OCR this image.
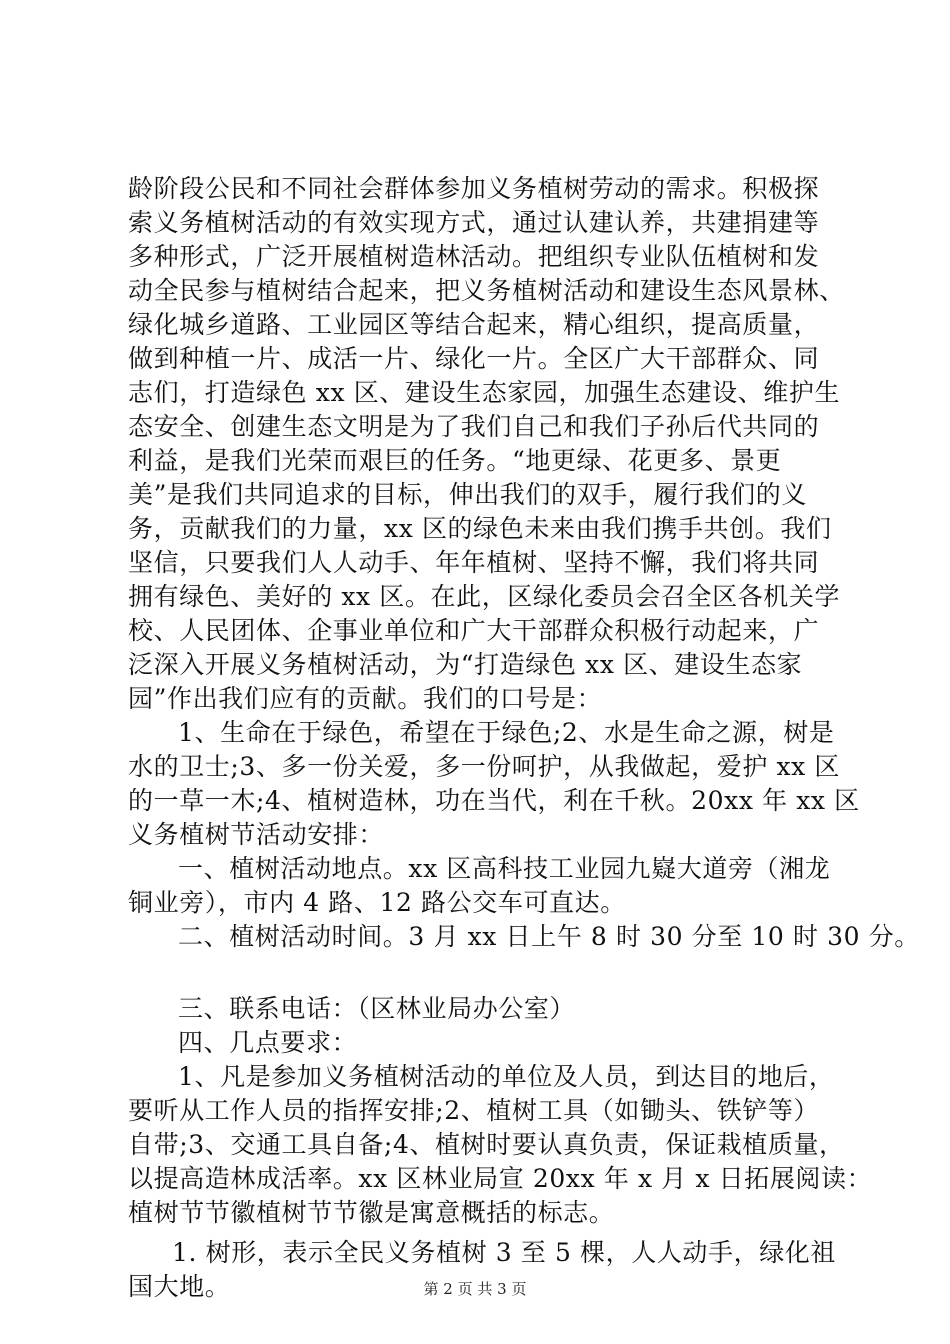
龄阶段公民和不同社会群体参加义务植树劳动的需求。积极探
索义务植树活动的有效实现方式，通过认建认养，共建捐建等
多种形式，广泛开展植树造林活动。把组织专业队伍植树和发
动全民参与植树结合起来，把义务植树活动和建设生态风景林、
绿化城乡道路、工业园区等结合起来，精心组织，提高质量，
做到种植一片、成活一片、绿化一片。全区广大干部群众、同
志们，打造绿色 xx 区、建设生态家园，加强生态建设、维护生
态安全、创建生态文明是为了我们自己和我们子孙后代共同的
利益，是我们光荣而艰巨的任务。“地更绿、花更多、景更
美”是我们共同追求的目标，伸出我们的双手，履行我们的义
务，贡献我们的力量，xx 区的绿色未来由我们携手共创。我们
坚信，只要我们人人动手、年年植树、坚持不懈，我们将共同
拥有绿色、美好的 xx 区。在此，区绿化委员会召全区各机关学
校、人民团体、企事业单位和广大干部群众积极行动起来，广
泛深入开展义务植树活动，为“打造绿色 xx 区、建设生态家
园”作出我们应有的贡献。我们的口号是：
1、生命在于绿色，希望在于绿色;2、水是生命之源，树是
水的卫士;3、多一份关爱，多一份呵护，从我做起，爱护 xx 区
的一草一木;4、植树造林，功在当代，利在千秋。20xx 年 xx 区
义务植树节活动安排：
一、植树活动地点。xx 区高科技工业园九嶷大道旁（湘龙
铜业旁），市内 4 路、12 路公交车可直达。
二、植树活动时间。3 月 xx 日上午 8 时 30 分至 10 时 30 分。
三、联系电话：（区林业局办公室）
四、几点要求：
1、凡是参加义务植树活动的单位及人员，到达目的地后，
要听从工作人员的指挥安排;2、植树工具（如锄头、铁铲等）
自带;3、交通工具自备;4、植树时要认真负责，保证栽植质量，
以提高造林成活率。xx 区林业局宣 20xx 年 x 月 x 日拓展阅读：
植树节节徽植树节节徽是寓意概括的标志。
1. 树形，表示全民义务植树 3 至 5 棵，人人动手，绿化祖
国大地。	第 2 页 共 3 页
